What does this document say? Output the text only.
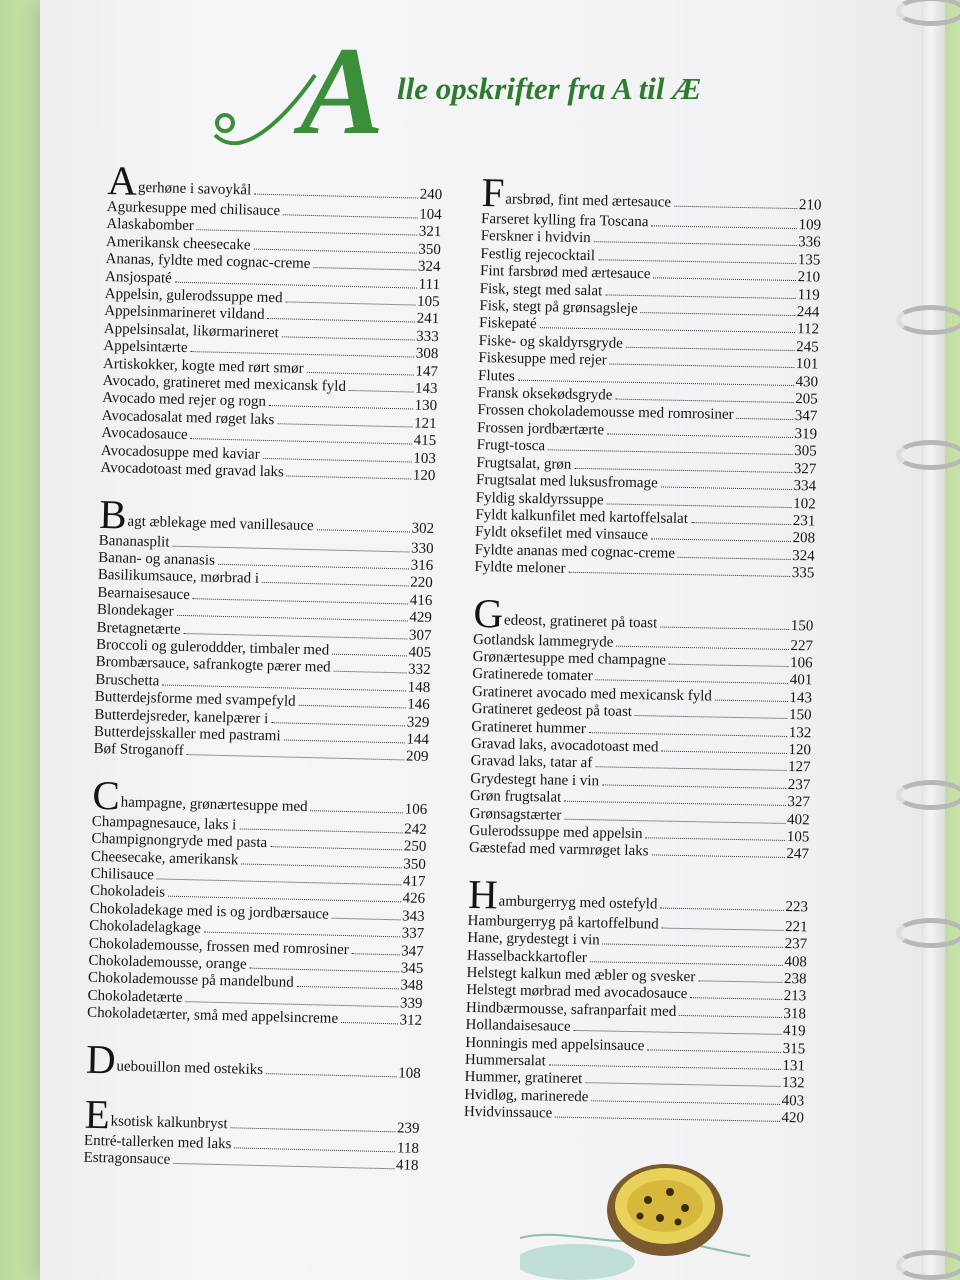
A lle opskrifter fra A til Æ
A gerhøne i savoykål	240
Agurkesuppe med chilisauce	104
Alaskabomber	321
Amerikansk cheesecake	350
Ananas, fyldte med cognac-creme	324
Ansjospaté	111
Appelsin, gulerodssuppe med	105
Appelsinmarineret vildand	241
Appelsinsalat, likørmarineret	333
Appelsintærte	308
Artiskokker, kogte med rørt smør	147
Avocado, gratineret med mexicansk fyld	143
Avocado med rejer og rogn	130
Avocadosalat med røget laks	121
Avocadosauce	415
Avocadosuppe med kaviar	103
Avocadotoast med gravad laks	120
B agt æblekage med vanillesauce	302
Bananasplit	330
Banan- og ananasis	316
Basilikumsauce, mørbrad i	220
Bearnaisesauce	416
Blondekager	429
Bretagnetærte	307
Broccoli og guleroddder, timbaler med	405
Brombærsauce, safrankogte pærer med	332
Bruschetta	148
Butterdejsforme med svampefyld	146
Butterdejsreder, kanelpærer i	329
Butterdejsskaller med pastrami	144
Bøf Stroganoff	209
C hampagne, grønærtesuppe med	106
Champagnesauce, laks i	242
Champignongryde med pasta	250
Cheesecake, amerikansk	350
Chilisauce	417
Chokoladeis	426
Chokoladekage med is og jordbærsauce	343
Chokoladelagkage	337
Chokolademousse, frossen med romrosiner	347
Chokolademousse, orange	345
Chokolademousse på mandelbund	348
Chokoladetærte	339
Chokoladetærter, små med appelsincreme	312
D uebouillon med ostekiks	108
E ksotisk kalkunbryst	239
Entré-tallerken med laks	118
Estragonsauce	418
F arsbrød, fint med ærtesauce	210
Farseret kylling fra Toscana	109
Ferskner i hvidvin	336
Festlig rejecocktail	135
Fint farsbrød med ærtesauce	210
Fisk, stegt med salat	119
Fisk, stegt på grønsagsleje	244
Fiskepaté	112
Fiske- og skaldyrsgryde	245
Fiskesuppe med rejer	101
Flutes	430
Fransk oksekødsgryde	205
Frossen chokolademousse med romrosiner	347
Frossen jordbærtærte	319
Frugt-tosca	305
Frugtsalat, grøn	327
Frugtsalat med luksusfromage	334
Fyldig skaldyrssuppe	102
Fyldt kalkunfilet med kartoffelsalat	231
Fyldt oksefilet med vinsauce	208
Fyldte ananas med cognac-creme	324
Fyldte meloner	335
G edeost, gratineret på toast	150
Gotlandsk lammegryde	227
Grønærtesuppe med champagne	106
Gratinerede tomater	401
Gratineret avocado med mexicansk fyld	143
Gratineret gedeost på toast	150
Gratineret hummer	132
Gravad laks, avocadotoast med	120
Gravad laks, tatar af	127
Grydestegt hane i vin	237
Grøn frugtsalat	327
Grønsagstærter	402
Gulerodssuppe med appelsin	105
Gæstefad med varmrøget laks	247
H amburgerryg med ostefyld	223
Hamburgerryg på kartoffelbund	221
Hane, grydestegt i vin	237
Hasselbackkartofler	408
Helstegt kalkun med æbler og svesker	238
Helstegt mørbrad med avocadosauce	213
Hindbærmousse, safranparfait med	318
Hollandaisesauce	419
Honningis med appelsinsauce	315
Hummersalat	131
Hummer, gratineret	132
Hvidløg, marinerede	403
Hvidvinssauce	420
